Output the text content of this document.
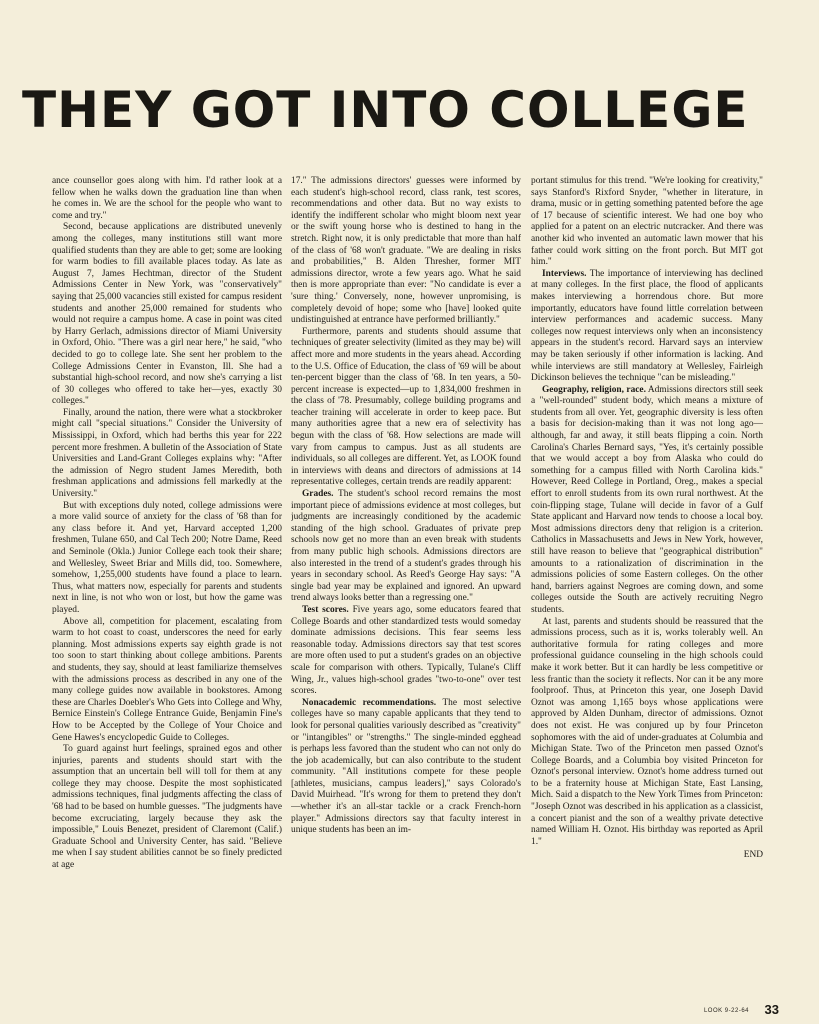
THEY GOT INTO COLLEGE

ance counsellor goes along with him. I'd rather look at a fellow when he walks down the graduation line than when he comes in. We are the school for the people who want to come and try."

Second, because applications are distributed unevenly among the colleges, many institutions still want more qualified students than they are able to get; some are looking for warm bodies to fill available places today. As late as August 7, James Hechtman, director of the Student Admissions Center in New York, was "conservatively" saying that 25,000 vacancies still existed for campus resident students and another 25,000 remained for students who would not require a campus home. A case in point was cited by Harry Gerlach, admissions director of Miami University in Oxford, Ohio. "There was a girl near here," he said, "who decided to go to college late. She sent her problem to the College Admissions Center in Evanston, Ill. She had a substantial high-school record, and now she's carrying a list of 30 colleges who offered to take her—yes, exactly 30 colleges."

Finally, around the nation, there were what a stockbroker might call "special situations." Consider the University of Mississippi, in Oxford, which had berths this year for 222 percent more freshmen. A bulletin of the Association of State Universities and Land-Grant Colleges explains why: "After the admission of Negro student James Meredith, both freshman applications and admissions fell markedly at the University."

But with exceptions duly noted, college admissions were a more valid source of anxiety for the class of '68 than for any class before it. And yet, Harvard accepted 1,200 freshmen, Tulane 650, and Cal Tech 200; Notre Dame, Reed and Seminole (Okla.) Junior College each took their share; and Wellesley, Sweet Briar and Mills did, too. Somewhere, somehow, 1,255,000 students have found a place to learn. Thus, what matters now, especially for parents and students next in line, is not who won or lost, but how the game was played.

Above all, competition for placement, escalating from warm to hot coast to coast, underscores the need for early planning. Most admissions experts say eighth grade is not too soon to start thinking about college ambitions. Parents and students, they say, should at least familiarize themselves with the admissions process as described in any one of the many college guides now available in bookstores. Among these are Charles Doebler's Who Gets into College and Why, Bernice Einstein's College Entrance Guide, Benjamin Fine's How to be Accepted by the College of Your Choice and Gene Hawes's encyclopedic Guide to Colleges.

To guard against hurt feelings, sprained egos and other injuries, parents and students should start with the assumption that an uncertain bell will toll for them at any college they may choose. Despite the most sophisticated admissions techniques, final judgments affecting the class of '68 had to be based on humble guesses. "The judgments have become excruciating, largely because they ask the impossible," Louis Benezet, president of Claremont (Calif.) Graduate School and University Center, has said. "Believe me when I say student abilities cannot be so finely predicted at age

17." The admissions directors' guesses were informed by each student's high-school record, class rank, test scores, recommendations and other data. But no way exists to identify the indifferent scholar who might bloom next year or the swift young horse who is destined to hang in the stretch. Right now, it is only predictable that more than half of the class of '68 won't graduate. "We are dealing in risks and probabilities," B. Alden Thresher, former MIT admissions director, wrote a few years ago. What he said then is more appropriate than ever: "No candidate is ever a 'sure thing.' Conversely, none, however unpromising, is completely devoid of hope; some who [have] looked quite undistinguished at entrance have performed brilliantly."

Furthermore, parents and students should assume that techniques of greater selectivity (limited as they may be) will affect more and more students in the years ahead. According to the U.S. Office of Education, the class of '69 will be about ten-percent bigger than the class of '68. In ten years, a 50-percent increase is expected—up to 1,834,000 freshmen in the class of '78. Presumably, college building programs and teacher training will accelerate in order to keep pace. But many authorities agree that a new era of selectivity has begun with the class of '68. How selections are made will vary from campus to campus. Just as all students are individuals, so all colleges are different. Yet, as LOOK found in interviews with deans and directors of admissions at 14 representative colleges, certain trends are readily apparent:

Grades. The student's school record remains the most important piece of admissions evidence at most colleges, but judgments are increasingly conditioned by the academic standing of the high school. Graduates of private prep schools now get no more than an even break with students from many public high schools. Admissions directors are also interested in the trend of a student's grades through his years in secondary school. As Reed's George Hay says: "A single bad year may be explained and ignored. An upward trend always looks better than a regressing one."

Test scores. Five years ago, some educators feared that College Boards and other standardized tests would someday dominate admissions decisions. This fear seems less reasonable today. Admissions directors say that test scores are more often used to put a student's grades on an objective scale for comparison with others. Typically, Tulane's Cliff Wing, Jr., values high-school grades "two-to-one" over test scores.

Nonacademic recommendations. The most selective colleges have so many capable applicants that they tend to look for personal qualities variously described as "creativity" or "intangibles" or "strengths." The single-minded egghead is perhaps less favored than the student who can not only do the job academically, but can also contribute to the student community. "All institutions compete for these people [athletes, musicians, campus leaders]," says Colorado's David Muirhead. "It's wrong for them to pretend they don't—whether it's an all-star tackle or a crack French-horn player." Admissions directors say that faculty interest in unique students has been an im-

portant stimulus for this trend. "We're looking for creativity," says Stanford's Rixford Snyder, "whether in literature, in drama, music or in getting something patented before the age of 17 because of scientific interest. We had one boy who applied for a patent on an electric nutcracker. And there was another kid who invented an automatic lawn mower that his father could work sitting on the front porch. But MIT got him."

Interviews. The importance of interviewing has declined at many colleges. In the first place, the flood of applicants makes interviewing a horrendous chore. But more importantly, educators have found little correlation between interview performances and academic success. Many colleges now request interviews only when an inconsistency appears in the student's record. Harvard says an interview may be taken seriously if other information is lacking. And while interviews are still mandatory at Wellesley, Fairleigh Dickinson believes the technique "can be misleading."

Geography, religion, race. Admissions directors still seek a "well-rounded" student body, which means a mixture of students from all over. Yet, geographic diversity is less often a basis for decision-making than it was not long ago—although, far and away, it still beats flipping a coin. North Carolina's Charles Bernard says, "Yes, it's certainly possible that we would accept a boy from Alaska who could do something for a campus filled with North Carolina kids." However, Reed College in Portland, Oreg., makes a special effort to enroll students from its own rural northwest. At the coin-flipping stage, Tulane will decide in favor of a Gulf State applicant and Harvard now tends to choose a local boy. Most admissions directors deny that religion is a criterion. Catholics in Massachusetts and Jews in New York, however, still have reason to believe that "geographical distribution" amounts to a rationalization of discrimination in the admissions policies of some Eastern colleges. On the other hand, barriers against Negroes are coming down, and some colleges outside the South are actively recruiting Negro students.

At last, parents and students should be reassured that the admissions process, such as it is, works tolerably well. An authoritative formula for rating colleges and more professional guidance counseling in the high schools could make it work better. But it can hardly be less competitive or less frantic than the society it reflects. Nor can it be any more foolproof. Thus, at Princeton this year, one Joseph David Oznot was among 1,165 boys whose applications were approved by Alden Dunham, director of admissions. Oznot does not exist. He was conjured up by four Princeton sophomores with the aid of under-graduates at Columbia and Michigan State. Two of the Princeton men passed Oznot's College Boards, and a Columbia boy visited Princeton for Oznot's personal interview. Oznot's home address turned out to be a fraternity house at Michigan State, East Lansing, Mich. Said a dispatch to the New York Times from Princeton: "Joseph Oznot was described in his application as a classicist, a concert pianist and the son of a wealthy private detective named William H. Oznot. His birthday was reported as April 1."

END
LOOK 9-22-64 33
